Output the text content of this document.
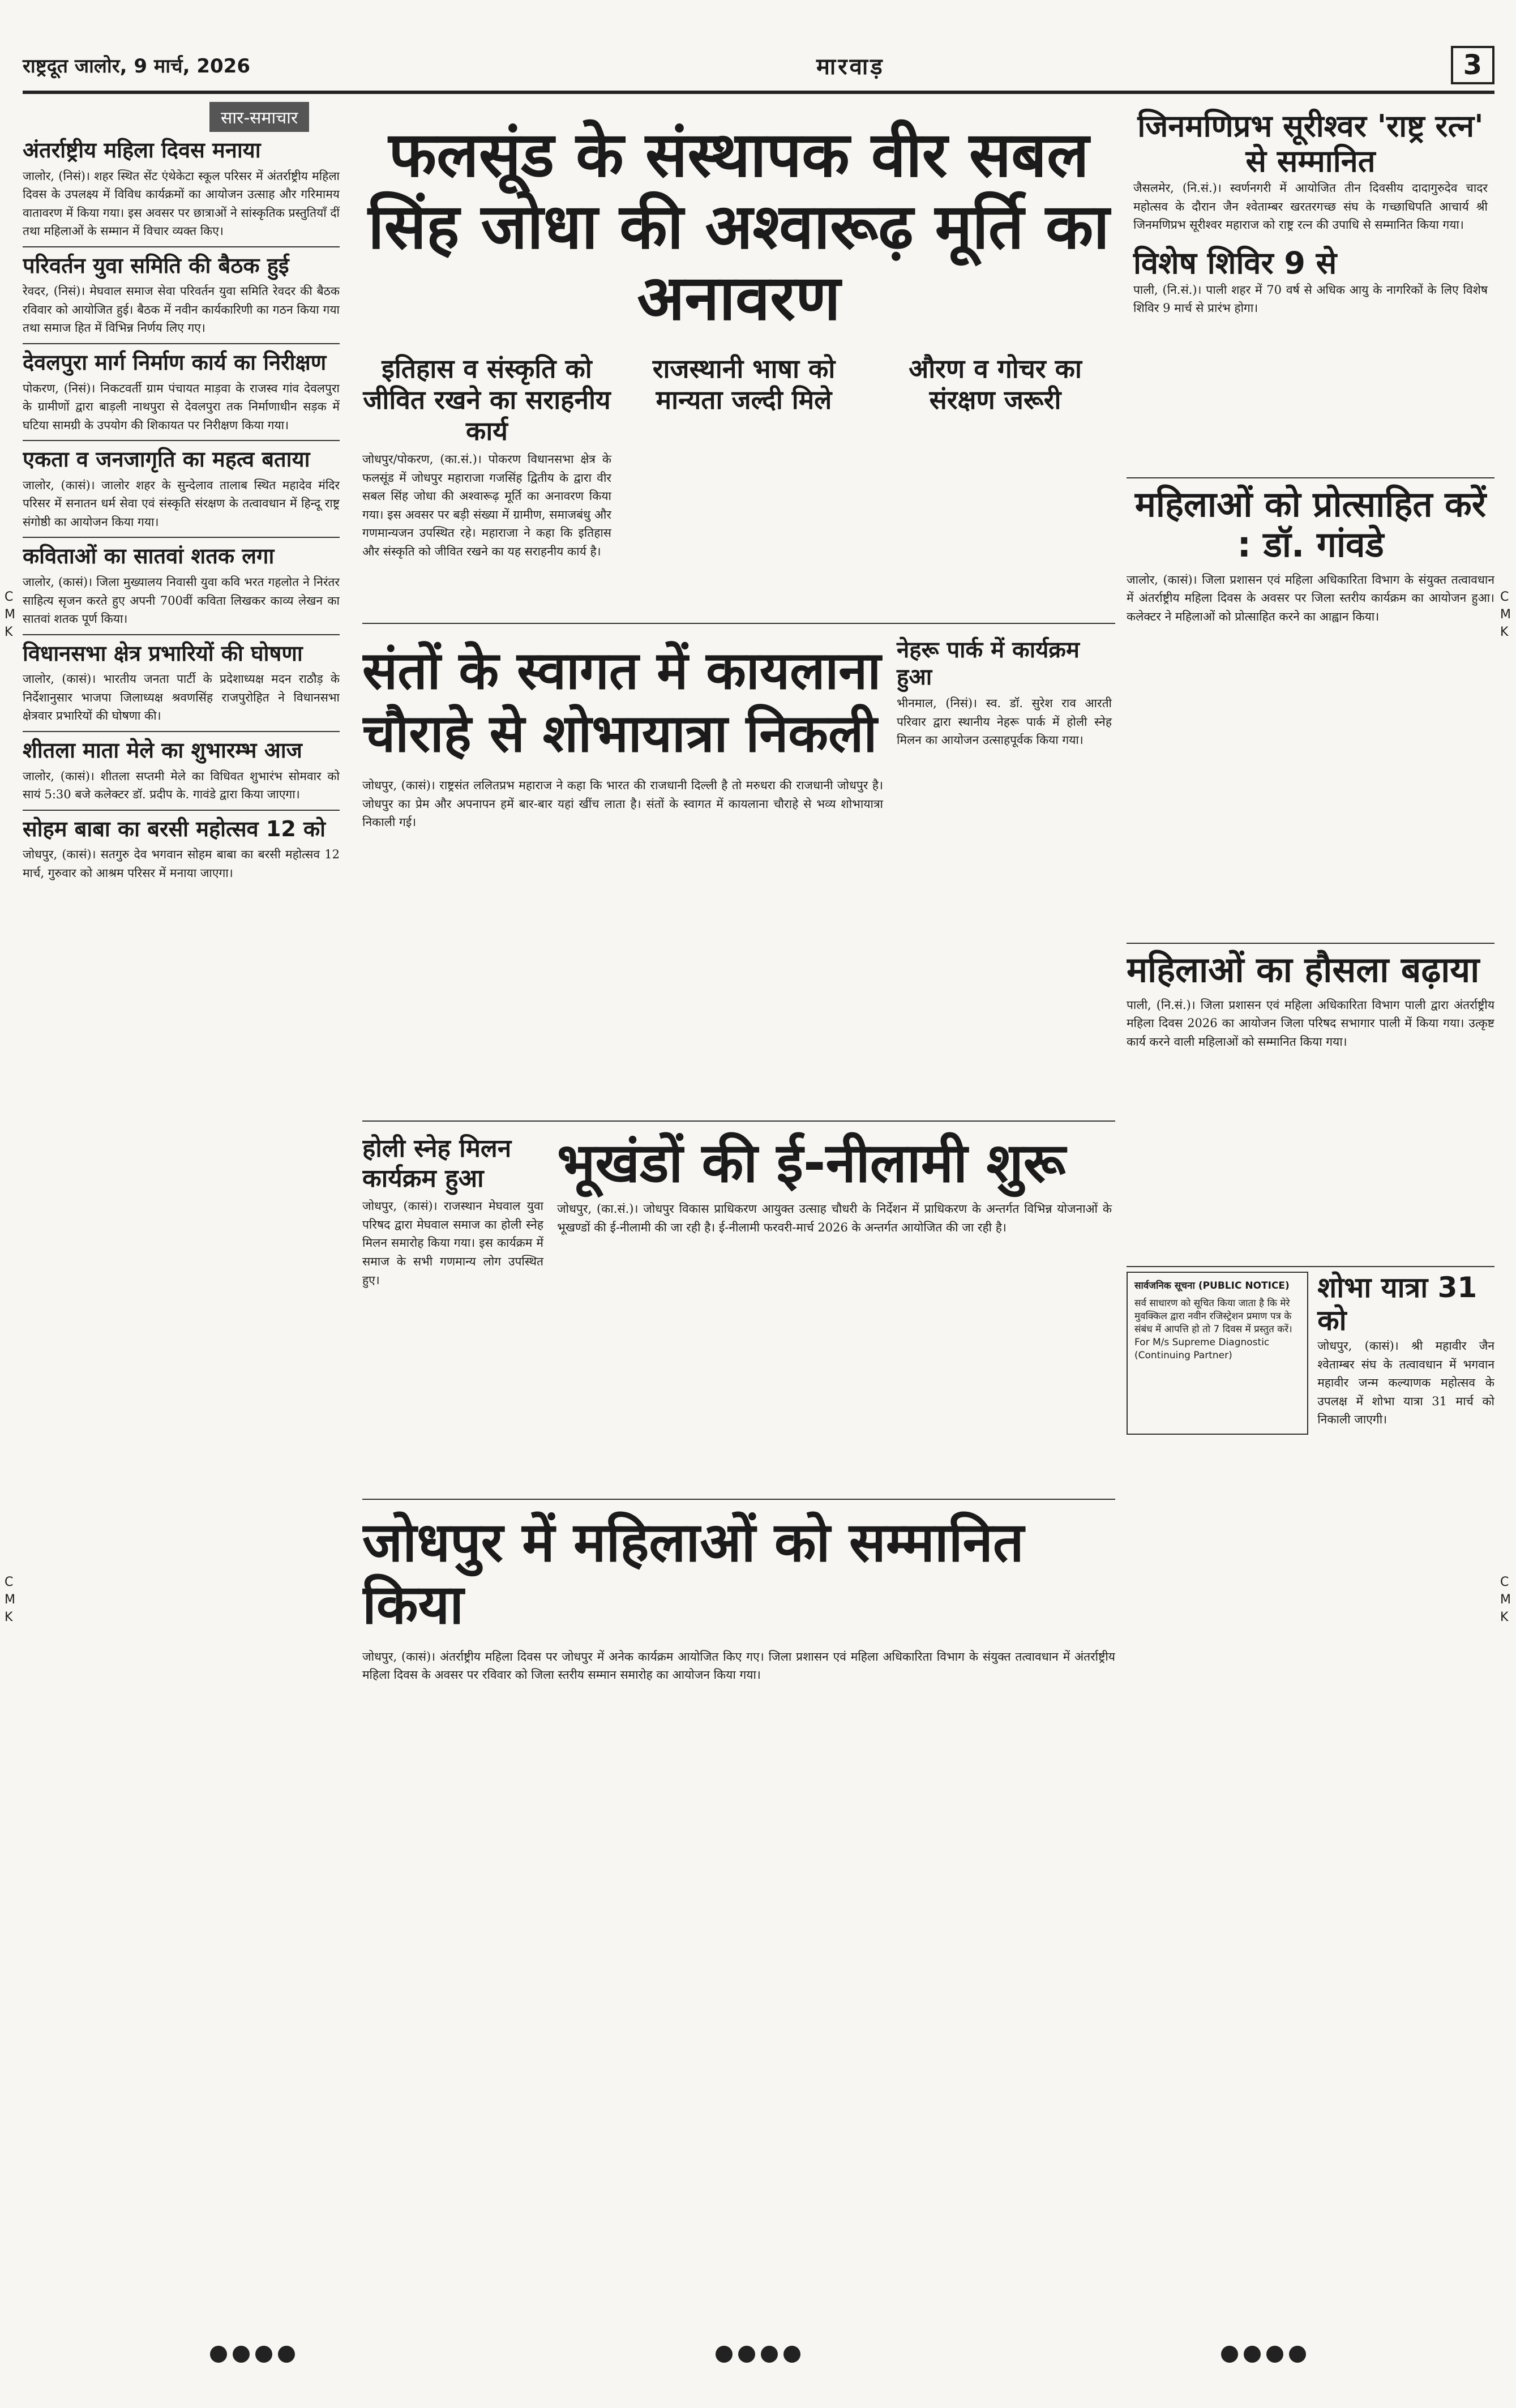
राष्ट्रदूत जालोर, 9 मार्च, 2026	मारवाड़	3
सार-समाचार
अंतर्राष्ट्रीय महिला दिवस मनाया

जालोर, (निसं)। शहर स्थित सेंट एंथेकेटा स्कूल परिसर में अंतर्राष्ट्रीय महिला दिवस के उपलक्ष्य में विविध कार्यक्रमों का आयोजन उत्साह और गरिमामय वातावरण में किया गया। इस अवसर पर छात्राओं ने सांस्कृतिक प्रस्तुतियाँ दीं तथा महिलाओं के सम्मान में विचार व्यक्त किए।

परिवर्तन युवा समिति की बैठक हुई

रेवदर, (निसं)। मेघवाल समाज सेवा परिवर्तन युवा समिति रेवदर की बैठक रविवार को आयोजित हुई। बैठक में नवीन कार्यकारिणी का गठन किया गया तथा समाज हित में विभिन्न निर्णय लिए गए।

देवलपुरा मार्ग निर्माण कार्य का निरीक्षण

पोकरण, (निसं)। निकटवर्ती ग्राम पंचायत माड़वा के राजस्व गांव देवलपुरा के ग्रामीणों द्वारा बाड़ली नाथपुरा से देवलपुरा तक निर्माणाधीन सड़क में घटिया सामग्री के उपयोग की शिकायत पर निरीक्षण किया गया।

एकता व जनजागृति का महत्व बताया

जालोर, (कासं)। जालोर शहर के सुन्देलाव तालाब स्थित महादेव मंदिर परिसर में सनातन धर्म सेवा एवं संस्कृति संरक्षण के तत्वावधान में हिन्दू राष्ट्र संगोष्ठी का आयोजन किया गया।

कविताओं का सातवां शतक लगा

जालोर, (कासं)। जिला मुख्यालय निवासी युवा कवि भरत गहलोत ने निरंतर साहित्य सृजन करते हुए अपनी 700वीं कविता लिखकर काव्य लेखन का सातवां शतक पूर्ण किया।

विधानसभा क्षेत्र प्रभारियों की घोषणा

जालोर, (कासं)। भारतीय जनता पार्टी के प्रदेशाध्यक्ष मदन राठौड़ के निर्देशानुसार भाजपा जिलाध्यक्ष श्रवणसिंह राजपुरोहित ने विधानसभा क्षेत्रवार प्रभारियों की घोषणा की।

शीतला माता मेले का शुभारम्भ आज

जालोर, (कासं)। शीतला सप्तमी मेले का विधिवत शुभारंभ सोमवार को सायं 5:30 बजे कलेक्टर डॉ. प्रदीप के. गावंडे द्वारा किया जाएगा।

सोहम बाबा का बरसी महोत्सव 12 को

जोधपुर, (कासं)। सतगुरु देव भगवान सोहम बाबा का बरसी महोत्सव 12 मार्च, गुरुवार को आश्रम परिसर में मनाया जाएगा।

फलसूंड के संस्थापक वीर सबल सिंह जोधा की अश्वारूढ़ मूर्ति का अनावरण
इतिहास व संस्कृति को जीवित रखने का सराहनीय कार्य

जोधपुर/पोकरण, (का.सं.)। पोकरण विधानसभा क्षेत्र के फलसूंड में जोधपुर महाराजा गजसिंह द्वितीय के द्वारा वीर सबल सिंह जोधा की अश्वारूढ़ मूर्ति का अनावरण किया गया। इस अवसर पर बड़ी संख्या में ग्रामीण, समाजबंधु और गणमान्यजन उपस्थित रहे। महाराजा ने कहा कि इतिहास और संस्कृति को जीवित रखने का यह सराहनीय कार्य है।

राजस्थानी भाषा को मान्यता जल्दी मिले
औरण व गोचर का संरक्षण जरूरी
संतों के स्वागत में कायलाना चौराहे से शोभायात्रा निकली

जोधपुर, (कासं)। राष्ट्रसंत ललितप्रभ महाराज ने कहा कि भारत की राजधानी दिल्ली है तो मरुधरा की राजधानी जोधपुर है। जोधपुर का प्रेम और अपनापन हमें बार-बार यहां खींच लाता है। संतों के स्वागत में कायलाना चौराहे से भव्य शोभायात्रा निकाली गई।

नेहरू पार्क में कार्यक्रम हुआ

भीनमाल, (निसं)। स्व. डॉ. सुरेश राव आरती परिवार द्वारा स्थानीय नेहरू पार्क में होली स्नेह मिलन का आयोजन उत्साहपूर्वक किया गया।

होली स्नेह मिलन कार्यक्रम हुआ

जोधपुर, (कासं)। राजस्थान मेघवाल युवा परिषद द्वारा मेघवाल समाज का होली स्नेह मिलन समारोह किया गया। इस कार्यक्रम में समाज के सभी गणमान्य लोग उपस्थित हुए।

भूखंडों की ई-नीलामी शुरू

जोधपुर, (का.सं.)। जोधपुर विकास प्राधिकरण आयुक्त उत्साह चौधरी के निर्देशन में प्राधिकरण के अन्तर्गत विभिन्न योजनाओं के भूखण्डों की ई-नीलामी की जा रही है। ई-नीलामी फरवरी-मार्च 2026 के अन्तर्गत आयोजित की जा रही है।

जोधपुर में महिलाओं को सम्मानित किया

जोधपुर, (कासं)। अंतर्राष्ट्रीय महिला दिवस पर जोधपुर में अनेक कार्यक्रम आयोजित किए गए। जिला प्रशासन एवं महिला अधिकारिता विभाग के संयुक्त तत्वावधान में अंतर्राष्ट्रीय महिला दिवस के अवसर पर रविवार को जिला स्तरीय सम्मान समारोह का आयोजन किया गया।

जिनमणिप्रभ सूरीश्वर 'राष्ट्र रत्न' से सम्मानित

जैसलमेर, (नि.सं.)। स्वर्णनगरी में आयोजित तीन दिवसीय दादागुरुदेव चादर महोत्सव के दौरान जैन श्वेताम्बर खरतरगच्छ संघ के गच्छाधिपति आचार्य श्री जिनमणिप्रभ सूरीश्वर महाराज को राष्ट्र रत्न की उपाधि से सम्मानित किया गया।

विशेष शिविर 9 से

पाली, (नि.सं.)। पाली शहर में 70 वर्ष से अधिक आयु के नागरिकों के लिए विशेष शिविर 9 मार्च से प्रारंभ होगा।

महिलाओं को प्रोत्साहित करें : डॉ. गांवडे

जालोर, (कासं)। जिला प्रशासन एवं महिला अधिकारिता विभाग के संयुक्त तत्वावधान में अंतर्राष्ट्रीय महिला दिवस के अवसर पर जिला स्तरीय कार्यक्रम का आयोजन हुआ। कलेक्टर ने महिलाओं को प्रोत्साहित करने का आह्वान किया।

महिलाओं का हौसला बढ़ाया

पाली, (नि.सं.)। जिला प्रशासन एवं महिला अधिकारिता विभाग पाली द्वारा अंतर्राष्ट्रीय महिला दिवस 2026 का आयोजन जिला परिषद सभागार पाली में किया गया। उत्कृष्ट कार्य करने वाली महिलाओं को सम्मानित किया गया।

सार्वजनिक सूचना (PUBLIC NOTICE)
सर्व साधारण को सूचित किया जाता है कि मेरे मुवक्किल द्वारा नवीन रजिस्ट्रेशन प्रमाण पत्र के संबंध में आपत्ति हो तो 7 दिवस में प्रस्तुत करें। For M/s Supreme Diagnostic (Continuing Partner)
शोभा यात्रा 31 को

जोधपुर, (कासं)। श्री महावीर जैन श्वेताम्बर संघ के तत्वावधान में भगवान महावीर जन्म कल्याणक महोत्सव के उपलक्ष में शोभा यात्रा 31 मार्च को निकाली जाएगी।

C
M
K
C
M
K
C
M
K
C
M
K
